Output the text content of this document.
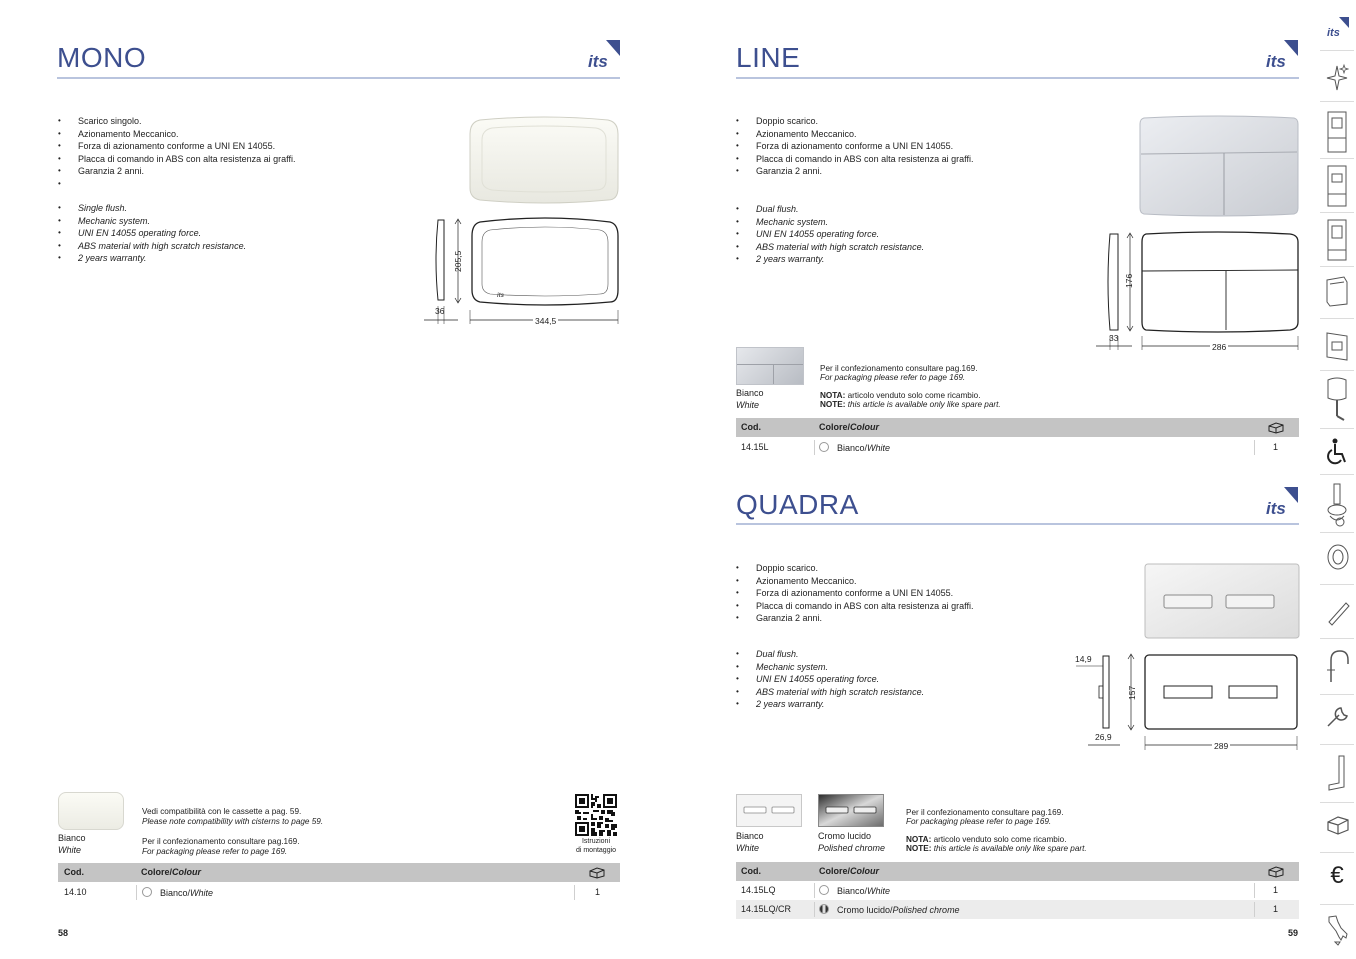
MONO	its
• Scarico singolo.
• Azionamento Meccanico.
• Forza di azionamento conforme a UNI EN 14055.
• Placca di comando in ABS con alta resistenza ai graffi.
• Garanzia 2 anni.
•
• Single flush.
• Mechanic system.
• UNI EN 14055 operating force.
• ABS material with high scratch resistance.
• 2 years warranty.
its
205,5
36
344,5
Bianco
White
Vedi compatibilità con le cassette a pag. 59.
Please note compatibility with cisterns to page 59.
Per il confezionamento consultare pag.169.
For packaging please refer to page 169.
Istruzioni
di montaggio
Cod.	Colore/Colour
14.10	Bianco/White	1
58
LINE	its
• Doppio scarico.
• Azionamento Meccanico.
• Forza di azionamento conforme a UNI EN 14055.
• Placca di comando in ABS con alta resistenza ai graffi.
• Garanzia 2 anni.
• Dual flush.
• Mechanic system.
• UNI EN 14055 operating force.
• ABS material with high scratch resistance.
• 2 years warranty.
176
33
286
Bianco
White
Per il confezionamento consultare pag.169.
For packaging please refer to page 169.
NOTA: articolo venduto solo come ricambio.
NOTE: this article is available only like spare part.
Cod.	Colore/Colour
14.15L	Bianco/White	1
QUADRA	its
• Doppio scarico.
• Azionamento Meccanico.
• Forza di azionamento conforme a UNI EN 14055.
• Placca di comando in ABS con alta resistenza ai graffi.
• Garanzia 2 anni.
• Dual flush.
• Mechanic system.
• UNI EN 14055 operating force.
• ABS material with high scratch resistance.
• 2 years warranty.
14,9
157
26,9
289
Bianco
White
Cromo lucido
Polished chrome
Per il confezionamento consultare pag.169.
For packaging please refer to page 169.
NOTA: articolo venduto solo come ricambio.
NOTE: this article is available only like spare part.
Cod.	Colore/Colour
14.15LQ	Bianco/White	1
14.15LQ/CR	Cromo lucido/Polished chrome	1
59
its
€
